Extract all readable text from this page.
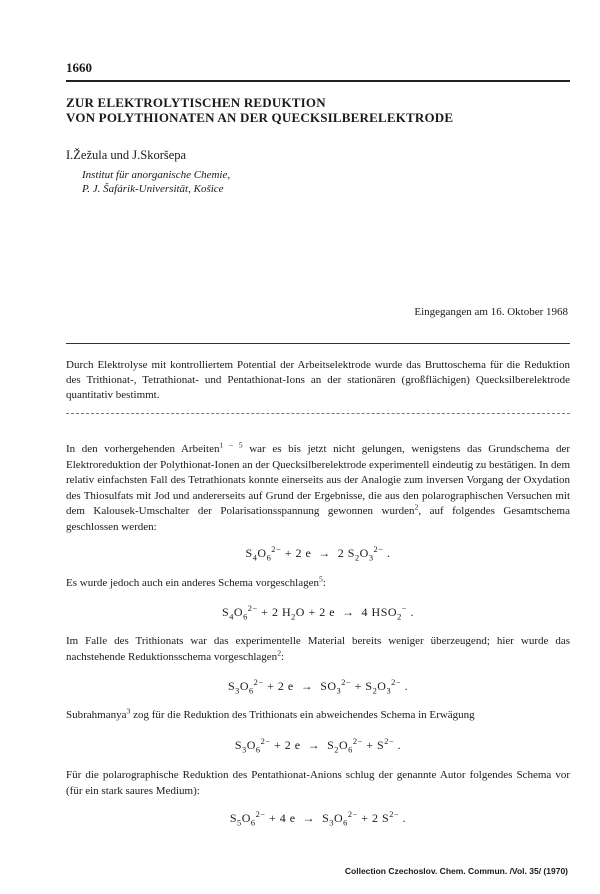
1660
ZUR ELEKTROLYTISCHEN REDUKTION
VON POLYTHIONATEN AN DER QUECKSILBERELEKTRODE
I.Žežula und J.Skoršepa
Institut für anorganische Chemie,
P. J. Šafárik-Universität, Košice
Eingegangen am 16. Oktober 1968
Durch Elektrolyse mit kontrolliertem Potential der Arbeitselektrode wurde das Bruttoschema für die Reduktion des Trithionat-, Tetrathionat- und Pentathionat-Ions an der stationären (großflächigen) Quecksilberelektrode quantitativ bestimmt.
In den vorhergehenden Arbeiten$^{1 - 5}$ war es bis jetzt nicht gelungen, wenigstens das Grundschema der Elektroreduktion der Polythionat-Ionen an der Quecksilberelektrode experimentell eindeutig zu bestätigen. In dem relativ einfachsten Fall des Tetrathionats konnte einerseits aus der Analogie zum inversen Vorgang der Oxydation des Thiosulfats mit Jod und andererseits auf Grund der Ergebnisse, die aus den polarographischen Versuchen mit dem Kalousek-Umschalter der Polarisationsspannung gewonnen wurden$^2$, auf folgendes Gesamtschema geschlossen werden:
$S_4O_6^{2-} + 2$ e  →  2 $S_2O_3^{2-}$ .
Es wurde jedoch auch ein anderes Schema vorgeschlagen$^5$:
$S_4O_6^{2-} + 2$ $H_2O + 2$ e  →  4 $HSO_2^-$ .
Im Falle des Trithionats war das experimentelle Material bereits weniger überzeugend; hier wurde das nachstehende Reduktionsschema vorgeschlagen$^2$:
$S_3O_6^{2-} + 2$ $e \to SO_3^{2-} + S_2O_3^{2-}$ .
Subrahmanya$^3$ zog für die Reduktion des Trithionats ein abweichendes Schema in Erwägung
$S_3O_6^{2-} + 2$ $e \to S_2O_6^{2-} + S^{2-}$ .
Für die polarographische Reduktion des Pentathionat-Anions schlug der genannte Autor folgendes Schema vor (für ein stark saures Medium):
$S_5O_6^{2-} + 4$ $e \to S_3O_6^{2-} + 2$ $S^{2-}$ .
Collection Czechoslov. Chem. Commun. /Vol. 35/ (1970)
